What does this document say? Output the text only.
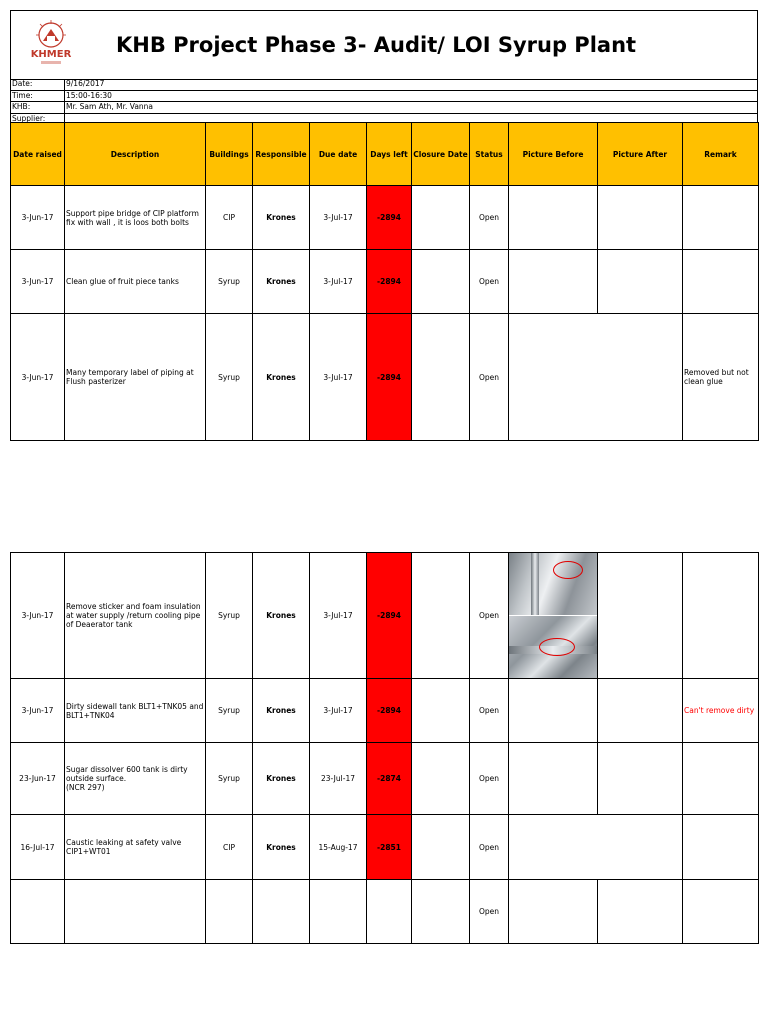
KHMER KHB Project Phase 3- Audit/ LOI Syrup Plant
Date:	9/16/2017
Time:	15:00-16:30
KHB:	Mr. Sam Ath, Mr. Vanna
Supplier:
Date raised	Description	Buildings	Responsible	Due date	Days left	Closure Date	Status	Picture Before	Picture After	Remark
3-Jun-17	Support pipe bridge of CIP platform fix with wall , it is loos both bolts	CIP	Krones	3-Jul-17	-2894		Open	

3-Jun-17	Clean glue of fruit piece tanks	Syrup	Krones	3-Jul-17	-2894		Open	

3-Jun-17	Many temporary label of piping at Flush pasterizer	Syrup	Krones	3-Jul-17	-2894		Open			Removed but not clean glue
3-Jun-17	Remove sticker and foam insulation at water supply /return cooling pipe of Deaerator tank	Syrup	Krones	3-Jul-17	-2894		Open	

3-Jun-17	Dirty sidewall tank BLT1+TNK05 and BLT1+TNK04	Syrup	Krones	3-Jul-17	-2894		Open			Can't remove dirty
23-Jun-17	Sugar dissolver 600 tank is dirty outside surface.
(NCR 297)	Syrup	Krones	23-Jul-17	-2874		Open	

16-Jul-17	Caustic leaking at safety valve CIP1+WT01	CIP	Krones	15-Aug-17	-2851		Open		

							Open			
